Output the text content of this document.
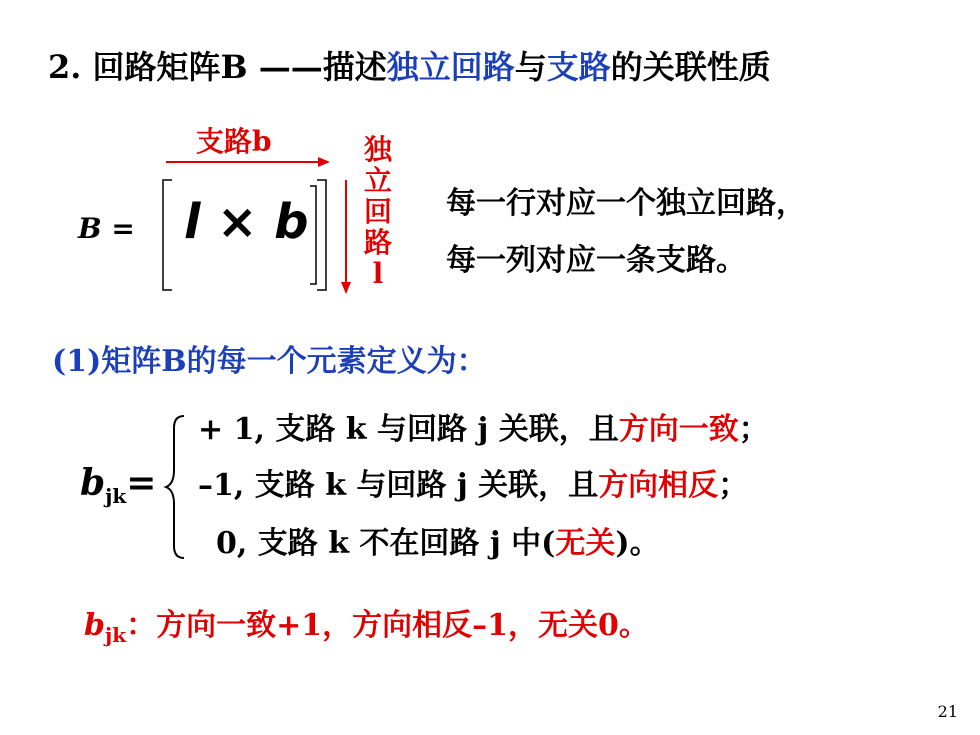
2. 回路矩阵B ——描述独立回路与支路的关联性质
支路b
B = l × b
独立回路l
每一行对应一个独立回路，
每一列对应一条支路。
(1)矩阵B的每一个元素定义为：
$b_{jk}=$
+ 1, 支路 k 与回路 j 关联，且方向一致；
–1, 支路 k 与回路 j 关联，且方向相反；
0, 支路 k 不在回路 j 中(无关)。
$b_{jk}$：方向一致+1，方向相反–1，无关0。
21
